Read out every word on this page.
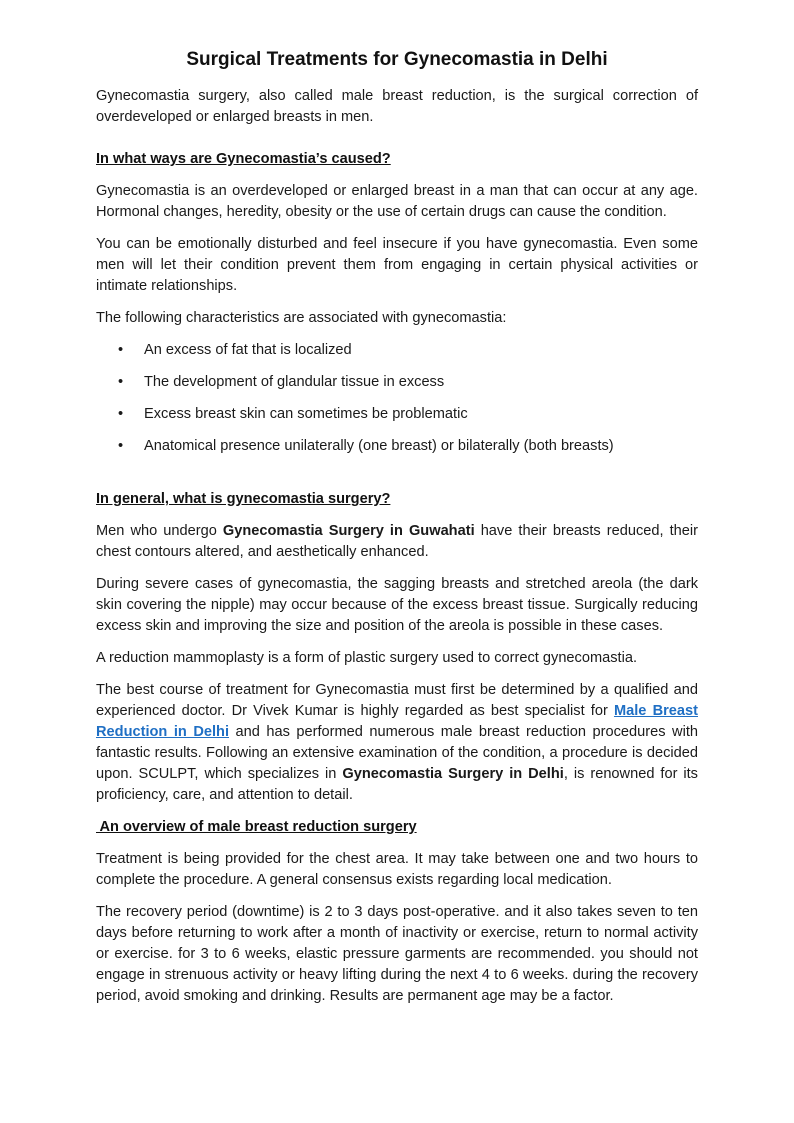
Surgical Treatments for Gynecomastia in Delhi

Gynecomastia surgery, also called male breast reduction, is the surgical correction of overdeveloped or enlarged breasts in men.

In what ways are Gynecomastia’s caused?

Gynecomastia is an overdeveloped or enlarged breast in a man that can occur at any age. Hormonal changes, heredity, obesity or the use of certain drugs can cause the condition.

You can be emotionally disturbed and feel insecure if you have gynecomastia. Even some men will let their condition prevent them from engaging in certain physical activities or intimate relationships.

The following characteristics are associated with gynecomastia:

• An excess of fat that is localized
• The development of glandular tissue in excess
• Excess breast skin can sometimes be problematic
• Anatomical presence unilaterally (one breast) or bilaterally (both breasts)
In general, what is gynecomastia surgery?

Men who undergo Gynecomastia Surgery in Guwahati have their breasts reduced, their chest contours altered, and aesthetically enhanced.

During severe cases of gynecomastia, the sagging breasts and stretched areola (the dark skin covering the nipple) may occur because of the excess breast tissue. Surgically reducing excess skin and improving the size and position of the areola is possible in these cases.

A reduction mammoplasty is a form of plastic surgery used to correct gynecomastia.

The best course of treatment for Gynecomastia must first be determined by a qualified and experienced doctor. Dr Vivek Kumar is highly regarded as best specialist for Male Breast Reduction in Delhi and has performed numerous male breast reduction procedures with fantastic results. Following an extensive examination of the condition, a procedure is decided upon. SCULPT, which specializes in Gynecomastia Surgery in Delhi, is renowned for its proficiency, care, and attention to detail.

An overview of male breast reduction surgery

Treatment is being provided for the chest area. It may take between one and two hours to complete the procedure. A general consensus exists regarding local medication.

The recovery period (downtime) is 2 to 3 days post-operative. and it also takes seven to ten days before returning to work after a month of inactivity or exercise, return to normal activity or exercise. for 3 to 6 weeks, elastic pressure garments are recommended. you should not engage in strenuous activity or heavy lifting during the next 4 to 6 weeks. during the recovery period, avoid smoking and drinking. Results are permanent age may be a factor.
